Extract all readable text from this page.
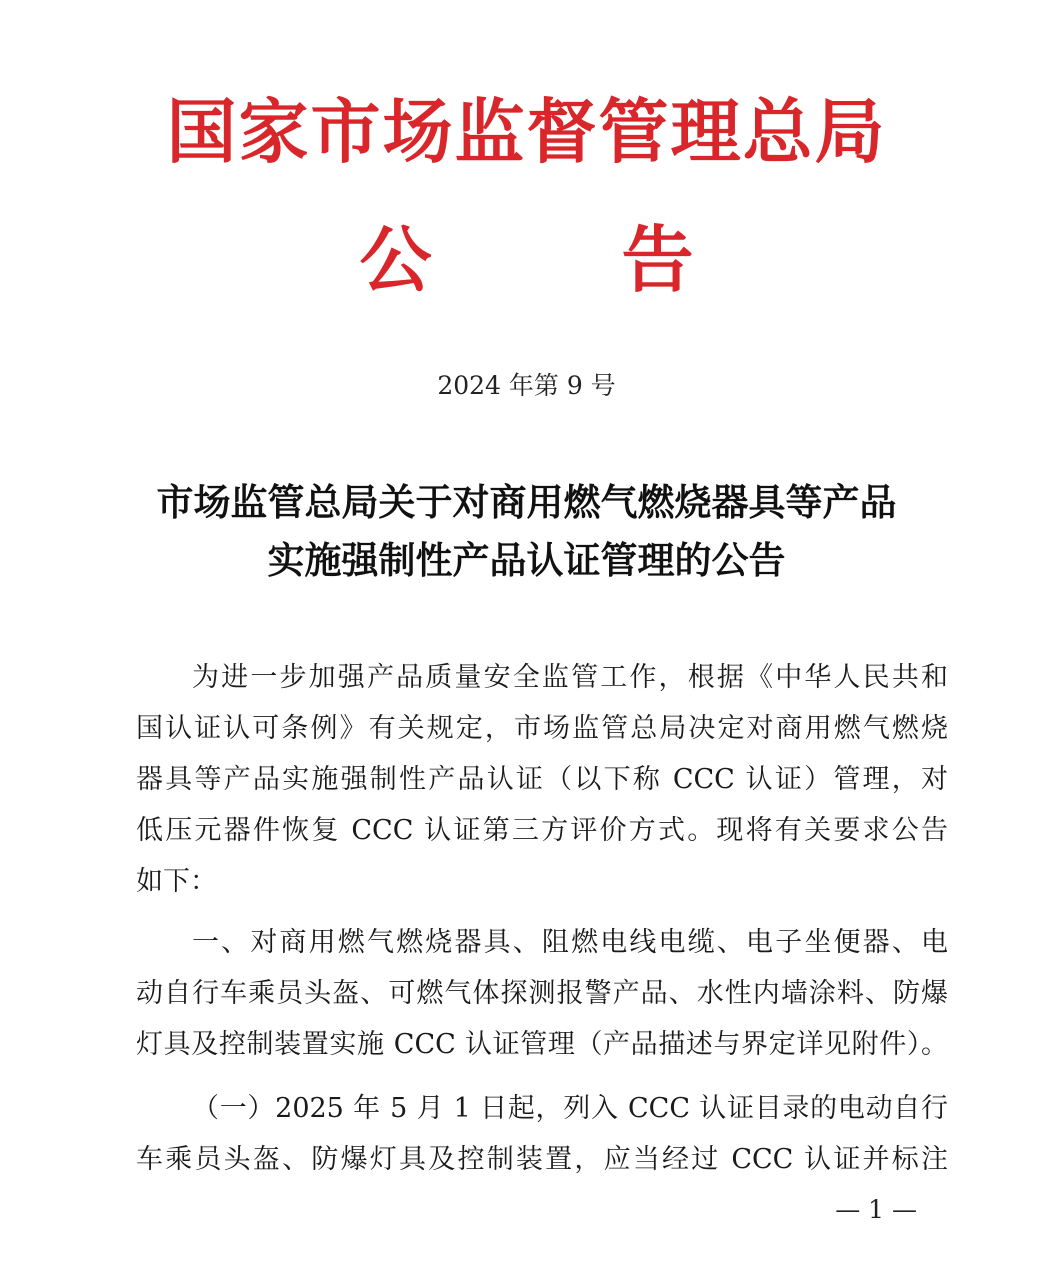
国家市场监督管理总局
公告
2024 年第 9 号
市场监管总局关于对商用燃气燃烧器具等产品
实施强制性产品认证管理的公告
为进一步加强产品质量安全监管工作，根据《中华人民共和
国认证认可条例》有关规定，市场监管总局决定对商用燃气燃烧
器具等产品实施强制性产品认证（以下称 CCC 认证）管理，对
低压元器件恢复 CCC 认证第三方评价方式。现将有关要求公告
如下：
一、对商用燃气燃烧器具、阻燃电线电缆、电子坐便器、电
动自行车乘员头盔、可燃气体探测报警产品、水性内墙涂料、防爆
灯具及控制装置实施 CCC 认证管理（产品描述与界定详见附件）。
（一）2025 年 5 月 1 日起，列入 CCC 认证目录的电动自行
车乘员头盔、防爆灯具及控制装置，应当经过 CCC 认证并标注
— 1 —
